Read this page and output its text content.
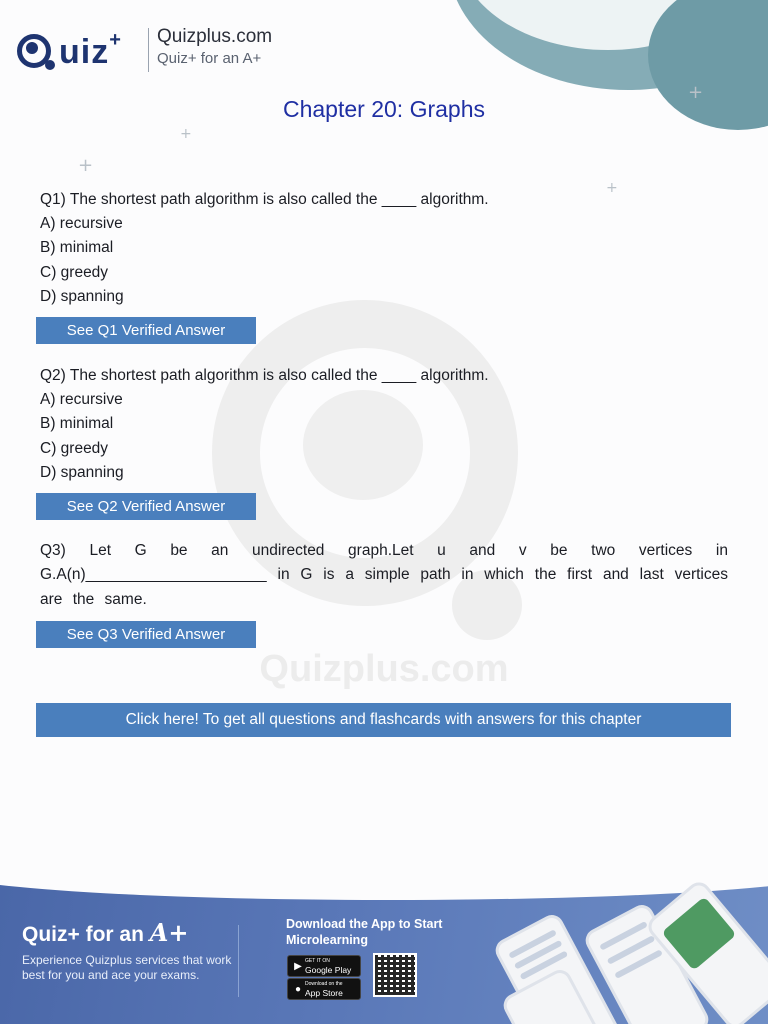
+
+
+
+
uiz + Quizplus.com
Quiz+ for an A+
Chapter 20: Graphs
Quizplus.com
Q1) The shortest path algorithm is also called the ____ algorithm.
A) recursive
B) minimal
C) greedy
D) spanning
See Q1 Verified Answer
Q2) The shortest path algorithm is also called the ____ algorithm.
A) recursive
B) minimal
C) greedy
D) spanning
See Q2 Verified Answer
Q3) Let G be an undirected graph.Let u and v be two vertices in G.A(n)_____________________ in G is a simple path in which the first and last vertices are the same.
See Q3 Verified Answer
Click here! To get all questions and flashcards with answers for this chapter
Quiz+ for an A+
Experience Quizplus services that work best for you and ace your exams.
Download the App to Start Microlearning
▶ GET IT ON
Google Play
● Download on the
App Store
